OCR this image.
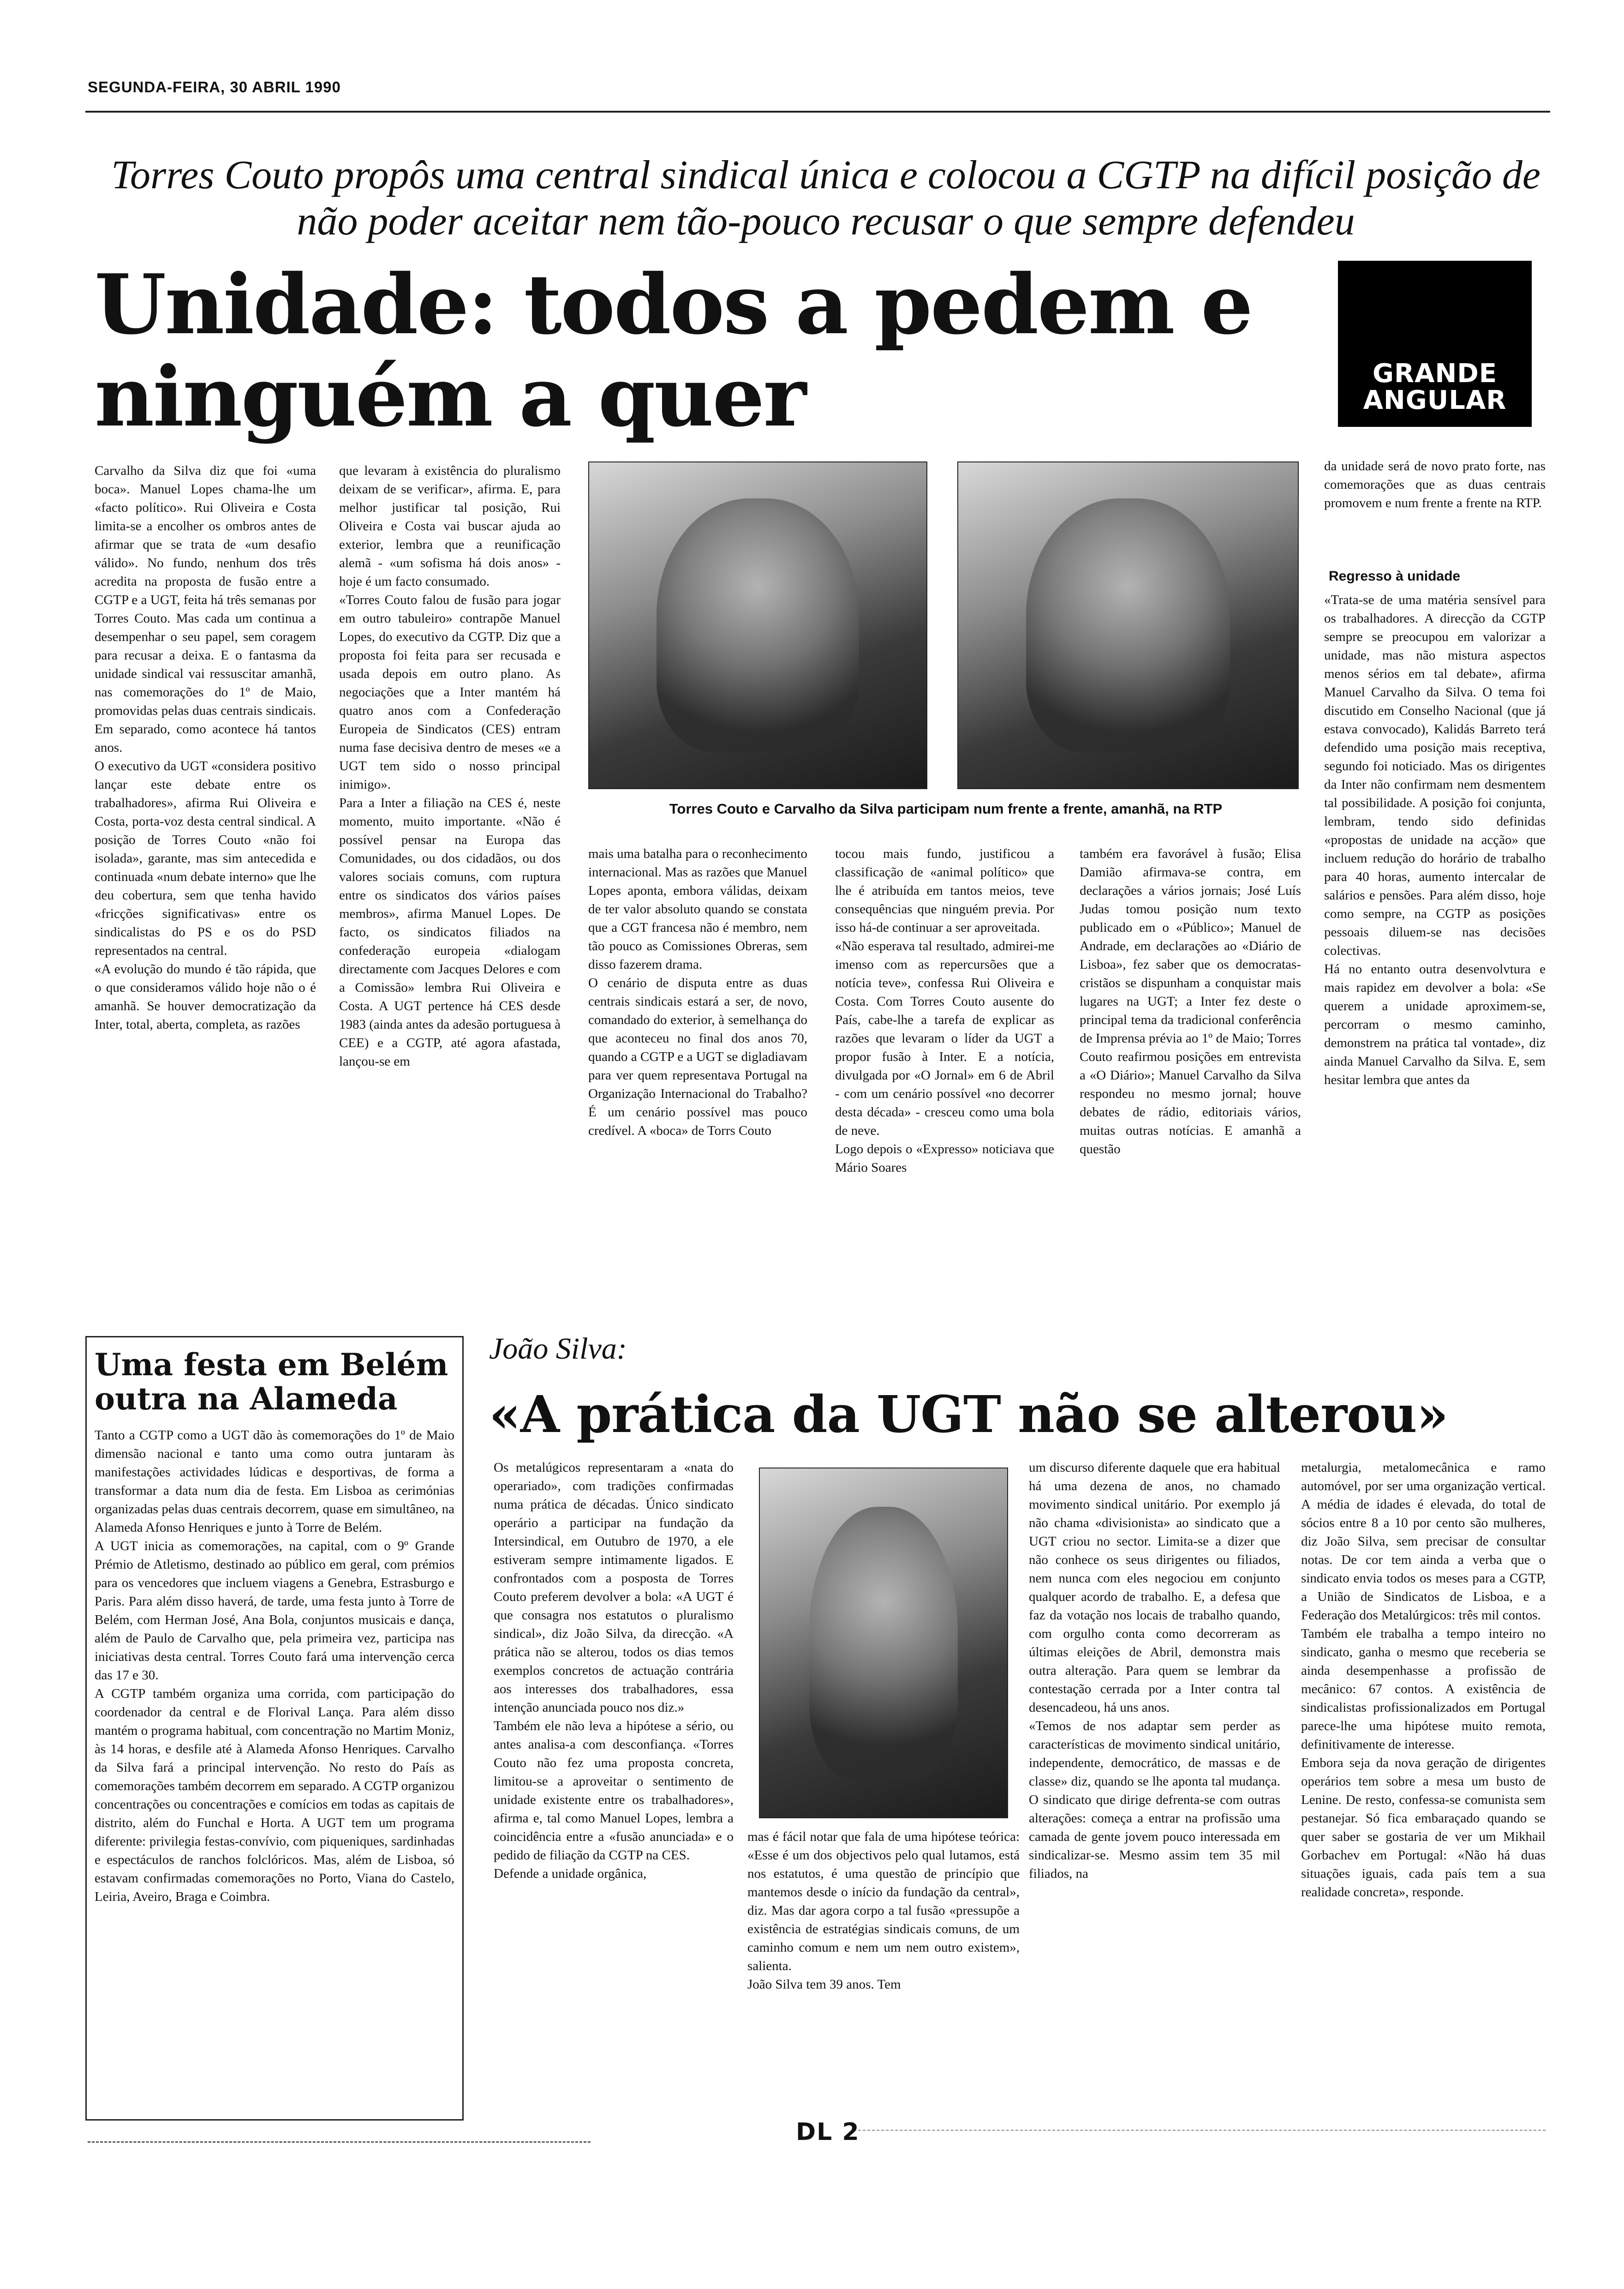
SEGUNDA-FEIRA, 30 ABRIL 1990
Torres Couto propôs uma central sindical única e colocou a CGTP na difícil posição de não poder aceitar nem tão-pouco recusar o que sempre defendeu
Unidade: todos a pedem e ninguém a quer	GRANDE ANGULAR

Carvalho da Silva diz que foi «uma boca». Manuel Lopes chama-lhe um «facto político». Rui Oliveira e Costa limita-se a encolher os ombros antes de afirmar que se trata de «um desafio válido». No fundo, nenhum dos três acredita na proposta de fusão entre a CGTP e a UGT, feita há três semanas por Torres Couto. Mas cada um continua a desempenhar o seu papel, sem coragem para recusar a deixa. E o fantasma da unidade sindical vai ressuscitar amanhã, nas comemorações do 1º de Maio, promovidas pelas duas centrais sindicais. Em separado, como acontece há tantos anos.
O executivo da UGT «considera positivo lançar este debate entre os trabalhadores», afirma Rui Oliveira e Costa, porta-voz desta central sindical. A posição de Torres Couto «não foi isolada», garante, mas sim antecedida e continuada «num debate interno» que lhe deu cobertura, sem que tenha havido «fricções significativas» entre os sindicalistas do PS e os do PSD representados na central.
«A evolução do mundo é tão rápida, que o que consideramos válido hoje não o é amanhã. Se houver democratização da Inter, total, aberta, completa, as razões

que levaram à existência do pluralismo deixam de se verificar», afirma. E, para melhor justificar tal posição, Rui Oliveira e Costa vai buscar ajuda ao exterior, lembra que a reunificação alemã - «um sofisma há dois anos» - hoje é um facto consumado.
«Torres Couto falou de fusão para jogar em outro tabuleiro» contrapõe Manuel Lopes, do executivo da CGTP. Diz que a proposta foi feita para ser recusada e usada depois em outro plano. As negociações que a Inter mantém há quatro anos com a Confederação Europeia de Sindicatos (CES) entram numa fase decisiva dentro de meses «e a UGT tem sido o nosso principal inimigo».
Para a Inter a filiação na CES é, neste momento, muito importante. «Não é possível pensar na Europa das Comunidades, ou dos cidadãos, ou dos valores sociais comuns, com ruptura entre os sindicatos dos vários países membros», afirma Manuel Lopes. De facto, os sindicatos filiados na confederação europeia «dialogam directamente com Jacques Delores e com a Comissão» lembra Rui Oliveira e Costa. A UGT pertence há CES desde 1983 (ainda antes da adesão portuguesa à CEE) e a CGTP, até agora afastada, lançou-se em

Torres Couto e Carvalho da Silva participam num frente a frente, amanhã, na RTP

mais uma batalha para o reconhecimento internacional. Mas as razões que Manuel Lopes aponta, embora válidas, deixam de ter valor absoluto quando se constata que a CGT francesa não é membro, nem tão pouco as Comissiones Obreras, sem disso fazerem drama.
O cenário de disputa entre as duas centrais sindicais estará a ser, de novo, comandado do exterior, à semelhança do que aconteceu no final dos anos 70, quando a CGTP e a UGT se digladiavam para ver quem representava Portugal na Organização Internacional do Trabalho? É um cenário possível mas pouco credível. A «boca» de Torrs Couto

tocou mais fundo, justificou a classificação de «animal político» que lhe é atribuída em tantos meios, teve consequências que ninguém previa. Por isso há-de continuar a ser aproveitada.
«Não esperava tal resultado, admirei-me imenso com as repercursões que a notícia teve», confessa Rui Oliveira e Costa. Com Torres Couto ausente do País, cabe-lhe a tarefa de explicar as razões que levaram o líder da UGT a propor fusão à Inter. E a notícia, divulgada por «O Jornal» em 6 de Abril - com um cenário possível «no decorrer desta década» - cresceu como uma bola de neve.
Logo depois o «Expresso» noticiava que Mário Soares

também era favorável à fusão; Elisa Damião afirmava-se contra, em declarações a vários jornais; José Luís Judas tomou posição num texto publicado em o «Público»; Manuel de Andrade, em declarações ao «Diário de Lisboa», fez saber que os democratas-cristãos se dispunham a conquistar mais lugares na UGT; a Inter fez deste o principal tema da tradicional conferência de Imprensa prévia ao 1º de Maio; Torres Couto reafirmou posições em entrevista a «O Diário»; Manuel Carvalho da Silva respondeu no mesmo jornal; houve debates de rádio, editoriais vários, muitas outras notícias. E amanhã a questão

da unidade será de novo prato forte, nas comemorações que as duas centrais promovem e num frente a frente na RTP.

Regresso à unidade

«Trata-se de uma matéria sensível para os trabalhadores. A direcção da CGTP sempre se preocupou em valorizar a unidade, mas não mistura aspectos menos sérios em tal debate», afirma Manuel Carvalho da Silva. O tema foi discutido em Conselho Nacional (que já estava convocado), Kalidás Barreto terá defendido uma posição mais receptiva, segundo foi noticiado. Mas os dirigentes da Inter não confirmam nem desmentem tal possibilidade. A posição foi conjunta, lembram, tendo sido definidas «propostas de unidade na acção» que incluem redução do horário de trabalho para 40 horas, aumento intercalar de salários e pensões. Para além disso, hoje como sempre, na CGTP as posições pessoais diluem-se nas decisões colectivas.
Há no entanto outra desenvolvtura e mais rapidez em devolver a bola: «Se querem a unidade aproximem-se, percorram o mesmo caminho, demonstrem na prática tal vontade», diz ainda Manuel Carvalho da Silva. E, sem hesitar lembra que antes da

Uma festa em Belém outra na Alameda

Tanto a CGTP como a UGT dão às comemorações do 1º de Maio dimensão nacional e tanto uma como outra juntaram às manifestações actividades lúdicas e desportivas, de forma a transformar a data num dia de festa. Em Lisboa as cerimónias organizadas pelas duas centrais decorrem, quase em simultâneo, na Alameda Afonso Henriques e junto à Torre de Belém.
A UGT inicia as comemorações, na capital, com o 9º Grande Prémio de Atletismo, destinado ao público em geral, com prémios para os vencedores que incluem viagens a Genebra, Estrasburgo e Paris. Para além disso haverá, de tarde, uma festa junto à Torre de Belém, com Herman José, Ana Bola, conjuntos musicais e dança, além de Paulo de Carvalho que, pela primeira vez, participa nas iniciativas desta central. Torres Couto fará uma intervenção cerca das 17 e 30.
A CGTP também organiza uma corrida, com participação do coordenador da central e de Florival Lança. Para além disso mantém o programa habitual, com concentração no Martim Moniz, às 14 horas, e desfile até à Alameda Afonso Henriques. Carvalho da Silva fará a principal intervenção. No resto do País as comemorações também decorrem em separado. A CGTP organizou concentrações ou concentrações e comícios em todas as capitais de distrito, além do Funchal e Horta. A UGT tem um programa diferente: privilegia festas-convívio, com piqueniques, sardinhadas e espectáculos de ranchos folclóricos. Mas, além de Lisboa, só estavam confirmadas comemorações no Porto, Viana do Castelo, Leiria, Aveiro, Braga e Coimbra.

João Silva:
«A prática da UGT não se alterou»

Os metalúgicos representaram a «nata do operariado», com tradições confirmadas numa prática de décadas. Único sindicato operário a participar na fundação da Intersindical, em Outubro de 1970, a ele estiveram sempre intimamente ligados. E confrontados com a posposta de Torres Couto preferem devolver a bola: «A UGT é que consagra nos estatutos o pluralismo sindical», diz João Silva, da direcção. «A prática não se alterou, todos os dias temos exemplos concretos de actuação contrária aos interesses dos trabalhadores, essa intenção anunciada pouco nos diz.»
Também ele não leva a hipótese a sério, ou antes analisa-a com desconfiança. «Torres Couto não fez uma proposta concreta, limitou-se a aproveitar o sentimento de unidade existente entre os trabalhadores», afirma e, tal como Manuel Lopes, lembra a coincidência entre a «fusão anunciada» e o pedido de filiação da CGTP na CES.
Defende a unidade orgânica,

mas é fácil notar que fala de uma hipótese teórica: «Esse é um dos objectivos pelo qual lutamos, está nos estatutos, é uma questão de princípio que mantemos desde o início da fundação da central», diz. Mas dar agora corpo a tal fusão «pressupõe a existência de estratégias sindicais comuns, de um caminho comum e nem um nem outro existem», salienta.
João Silva tem 39 anos. Tem

um discurso diferente daquele que era habitual há uma dezena de anos, no chamado movimento sindical unitário. Por exemplo já não chama «divisionista» ao sindicato que a UGT criou no sector. Limita-se a dizer que não conhece os seus dirigentes ou filiados, nem nunca com eles negociou em conjunto qualquer acordo de trabalho. E, a defesa que faz da votação nos locais de trabalho quando, com orgulho conta como decorreram as últimas eleições de Abril, demonstra mais outra alteração. Para quem se lembrar da contestação cerrada por a Inter contra tal desencadeou, há uns anos.
«Temos de nos adaptar sem perder as características de movimento sindical unitário, independente, democrático, de massas e de classe» diz, quando se lhe aponta tal mudança. O sindicato que dirige defrenta-se com outras alterações: começa a entrar na profissão uma camada de gente jovem pouco interessada em sindicalizar-se. Mesmo assim tem 35 mil filiados, na

metalurgia, metalomecânica e ramo automóvel, por ser uma organização vertical. A média de idades é elevada, do total de sócios entre 8 a 10 por cento são mulheres, diz João Silva, sem precisar de consultar notas. De cor tem ainda a verba que o sindicato envia todos os meses para a CGTP, a União de Sindicatos de Lisboa, e a Federação dos Metalúrgicos: três mil contos.
Também ele trabalha a tempo inteiro no sindicato, ganha o mesmo que receberia se ainda desempenhasse a profissão de mecânico: 67 contos. A existência de sindicalistas profissionalizados em Portugal parece-lhe uma hipótese muito remota, definitivamente de interesse.
Embora seja da nova geração de dirigentes operários tem sobre a mesa um busto de Lenine. De resto, confessa-se comunista sem pestanejar. Só fica embaraçado quando se quer saber se gostaria de ver um Mikhail Gorbachev em Portugal: «Não há duas situações iguais, cada país tem a sua realidade concreta», responde.

DL 2
